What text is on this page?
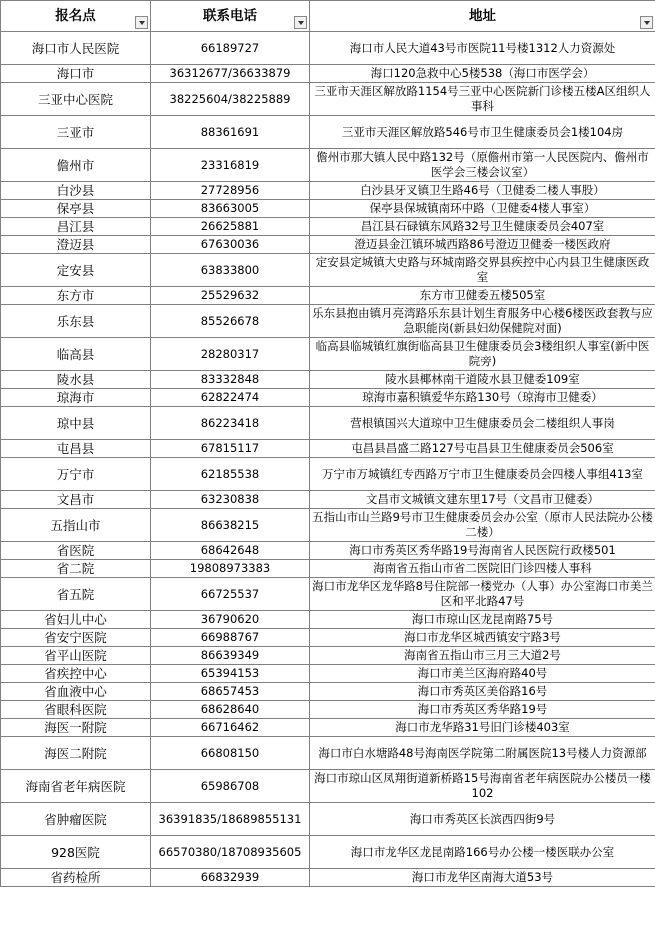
报名点	联系电话	地址

海口市人民医院	66189727	海口市人民大道43号市医院11号楼1312人力资源处
海口市	36312677/36633879	海口120急救中心5楼538（海口市医学会）
三亚中心医院	38225604/38225889	三亚市天涯区解放路1154号三亚中心医院新门诊楼五楼A区组织人事科
三亚市	88361691	三亚市天涯区解放路546号市卫生健康委员会1楼104房
儋州市	23316819	儋州市那大镇人民中路132号（原儋州市第一人民医院内、儋州市医学会三楼会议室）
白沙县	27728956	白沙县牙叉镇卫生路46号（卫健委二楼人事股）
保亭县	83663005	保亭县保城镇南环中路（卫健委4楼人事室）
昌江县	26625881	昌江县石碌镇东风路32号卫生健康委员会407室
澄迈县	67630036	澄迈县金江镇环城西路86号澄迈卫健委一楼医政府
定安县	63833800	定安县定城镇大史路与环城南路交界县疾控中心内县卫生健康医政室
东方市	25529632	东方市卫健委五楼505室
乐东县	85526678	乐东县抱由镇月亮湾路乐东县计划生育服务中心楼6楼医政套教与应急职能岗(新县妇幼保健院对面)
临高县	28280317	临高县临城镇红旗街临高县卫生健康委员会3楼组织人事室(新中医院旁)
陵水县	83332848	陵水县椰林南干道陵水县卫健委109室
琼海市	62822474	琼海市嘉积镇爱华东路130号（琼海市卫健委）
琼中县	86223418	营根镇国兴大道琼中卫生健康委员会二楼组织人事岗
屯昌县	67815117	屯昌县昌盛二路127号屯昌县卫生健康委员会506室
万宁市	62185538	万宁市万城镇红专西路万宁市卫生健康委员会四楼人事组413室
文昌市	63230838	文昌市文城镇文建东里17号（文昌市卫健委）
五指山市	86638215	五指山市山兰路9号市卫生健康委员会办公室（原市人民法院办公楼二楼）
省医院	68642648	海口市秀英区秀华路19号海南省人民医院行政楼501
省二院	19808973383	海南省五指山市省二医院旧门诊四楼人事科
省五院	66725537	海口市龙华区龙华路8号住院部一楼党办（人事）办公室海口市美兰区和平北路47号
省妇儿中心	36790620	海口市琼山区龙昆南路75号
省安宁医院	66988767	海口市龙华区城西镇安宁路3号
省平山医院	86639349	海南省五指山市三月三大道2号
省疾控中心	65394153	海口市美兰区海府路40号
省血液中心	68657453	海口市秀英区美俗路16号
省眼科医院	68628640	海口市秀英区秀华路19号
海医一附院	66716462	海口市龙华路31号旧门诊楼403室
海医二附院	66808150	海口市白水塘路48号海南医学院第二附属医院13号楼人力资源部
海南省老年病医院	65986708	海口市琼山区凤翔街道新桥路15号海南省老年病医院办公楼员一楼102
省肿瘤医院	36391835/18689855131	海口市秀英区长滨西四街9号
928医院	66570380/18708935605	海口市龙华区龙昆南路166号办公楼一楼医联办公室
省药检所	66832939	海口市龙华区南海大道53号
